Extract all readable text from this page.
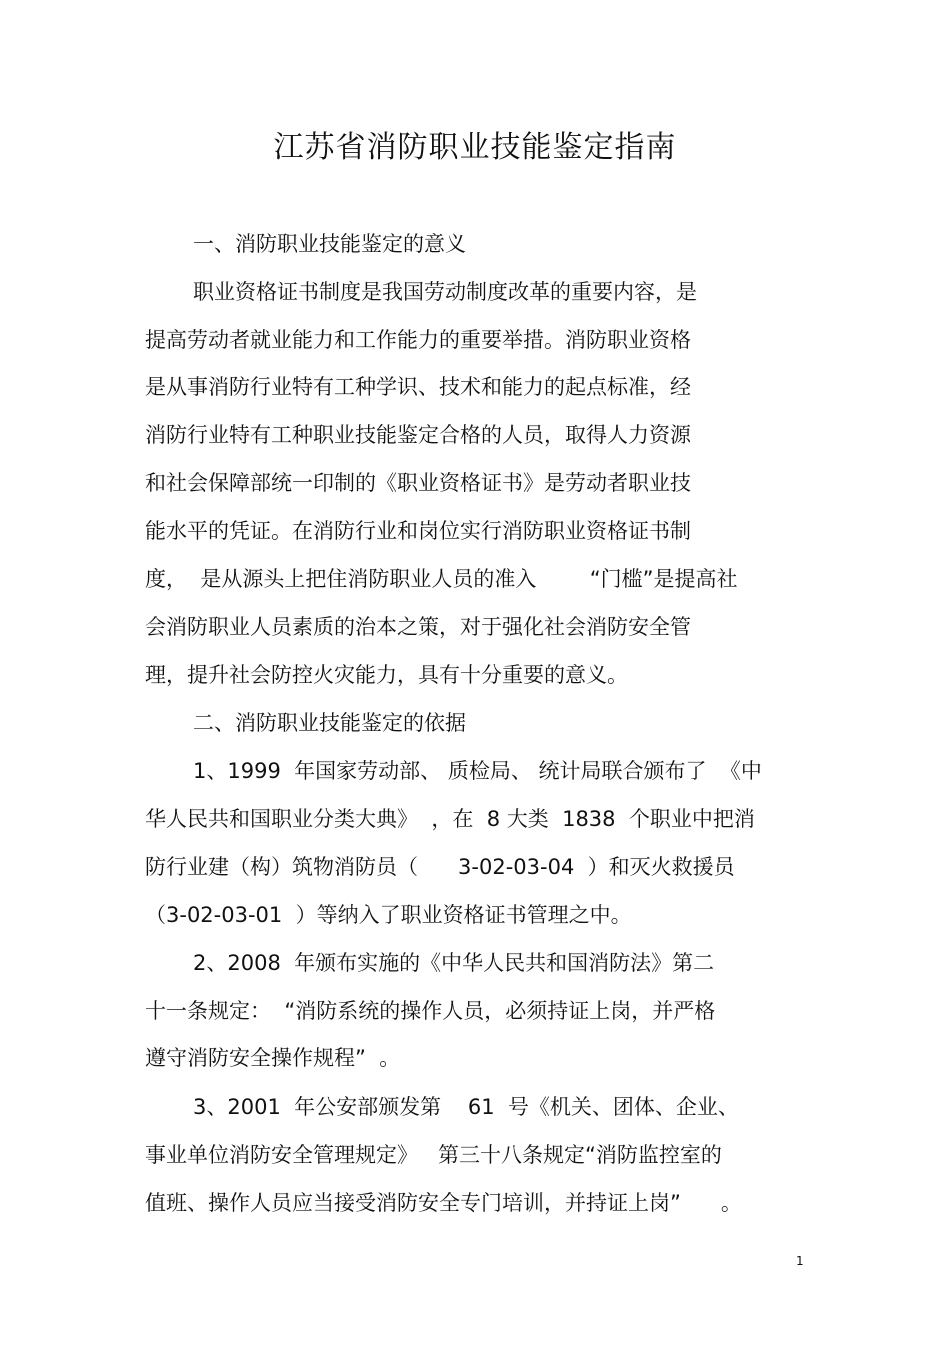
江苏省消防职业技能鉴定指南
一、消防职业技能鉴定的意义
职业资格证书制度是我国劳动制度改革的重要内容，是
提高劳动者就业能力和工作能力的重要举措。消防职业资格
是从事消防行业特有工种学识、技术和能力的起点标准，经
消防行业特有工种职业技能鉴定合格的人员，取得人力资源
和社会保障部统一印制的《职业资格证书》是劳动者职业技
能水平的凭证。在消防行业和岗位实行消防职业资格证书制
度，  是从源头上把住消防职业人员的准入        “门槛”是提高社
会消防职业人员素质的治本之策，对于强化社会消防安全管
理，提升社会防控火灾能力，具有十分重要的意义。
二、消防职业技能鉴定的依据
1、1999  年国家劳动部、 质检局、 统计局联合颁布了  《中
华人民共和国职业分类大典》  ，在  8 大类  1838  个职业中把消
防行业建（构）筑物消防员（      3-02-03-04  ）和灭火救援员
（3-02-03-01  ）等纳入了职业资格证书管理之中。
2、2008  年颁布实施的《中华人民共和国消防法》第二
十一条规定：  “消防系统的操作人员，必须持证上岗，并严格
遵守消防安全操作规程”  。
3、2001  年公安部颁发第    61  号《机关、团体、企业、
事业单位消防安全管理规定》   第三十八条规定“消防监控室的
值班、操作人员应当接受消防安全专门培训，并持证上岗”      。
1
